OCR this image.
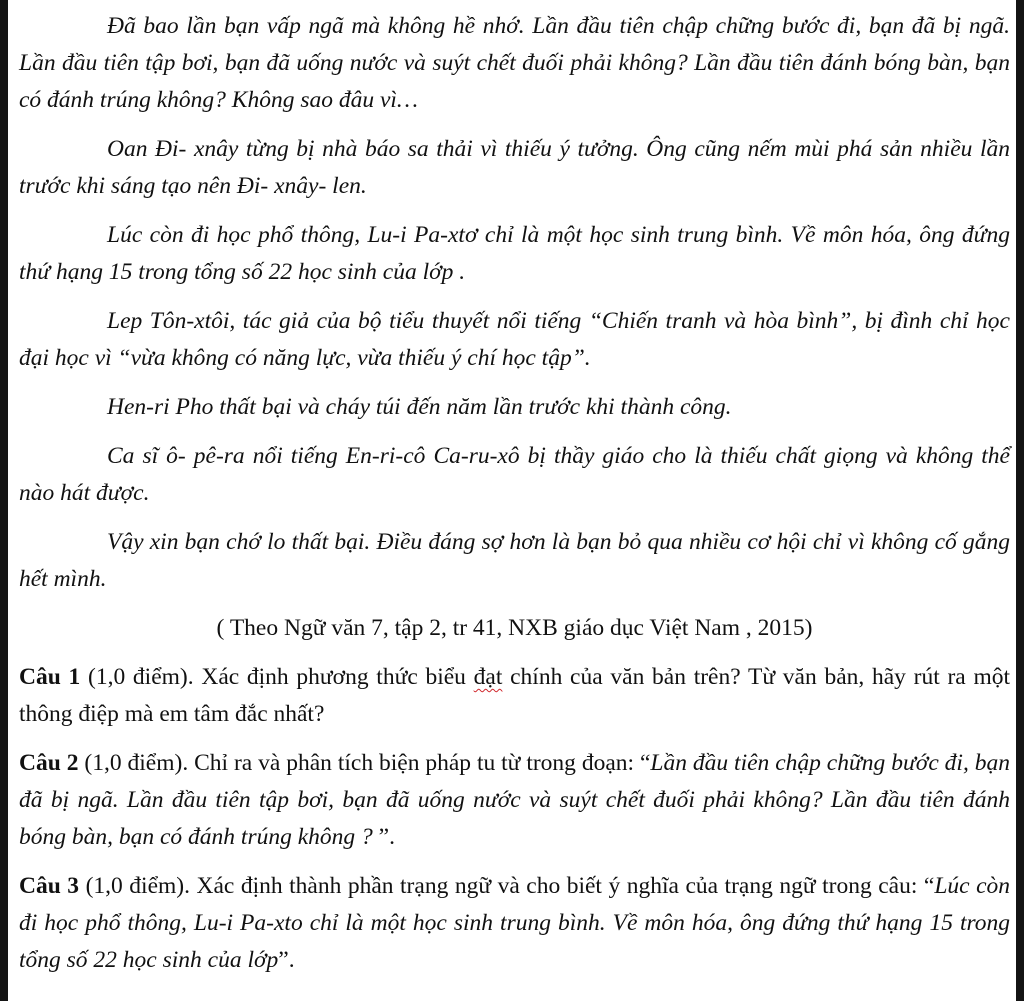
Đã bao lần bạn vấp ngã mà không hề nhớ. Lần đầu tiên chập chững bước đi, bạn đã bị ngã. Lần đầu tiên tập bơi, bạn đã uống nước và suýt chết đuối phải không? Lần đầu tiên đánh bóng bàn, bạn có đánh trúng không? Không sao đâu vì…

Oan Đi- xnây từng bị nhà báo sa thải vì thiếu ý tưởng. Ông cũng nếm mùi phá sản nhiều lần trước khi sáng tạo nên Đi- xnây- len.

Lúc còn đi học phổ thông, Lu-i Pa-xtơ chỉ là một học sinh trung bình. Về môn hóa, ông đứng thứ hạng 15 trong tổng số 22 học sinh của lớp .

Lep Tôn-xtôi, tác giả của bộ tiểu thuyết nổi tiếng “Chiến tranh và hòa bình”, bị đình chỉ học đại học vì “vừa không có năng lực, vừa thiếu ý chí học tập”.

Hen-ri Pho thất bại và cháy túi đến năm lần trước khi thành công.

Ca sĩ ô- pê-ra nổi tiếng En-ri-cô Ca-ru-xô bị thầy giáo cho là thiếu chất giọng và không thể nào hát được.

Vậy xin bạn chớ lo thất bại. Điều đáng sợ hơn là bạn bỏ qua nhiều cơ hội chỉ vì không cố gắng hết mình.

( Theo Ngữ văn 7, tập 2, tr 41, NXB giáo dục Việt Nam , 2015)

Câu 1 (1,0 điểm). Xác định phương thức biểu đạt chính của văn bản trên? Từ văn bản, hãy rút ra một thông điệp mà em tâm đắc nhất?

Câu 2 (1,0 điểm). Chỉ ra và phân tích biện pháp tu từ trong đoạn: “Lần đầu tiên chập chững bước đi, bạn đã bị ngã. Lần đầu tiên tập bơi, bạn đã uống nước và suýt chết đuối phải không? Lần đầu tiên đánh bóng bàn, bạn có đánh trúng không ? ”.

Câu 3 (1,0 điểm). Xác định thành phần trạng ngữ và cho biết ý nghĩa của trạng ngữ trong câu: “Lúc còn đi học phổ thông, Lu-i Pa-xto chỉ là một học sinh trung bình. Về môn hóa, ông đứng thứ hạng 15 trong tổng số 22 học sinh của lớp”.
